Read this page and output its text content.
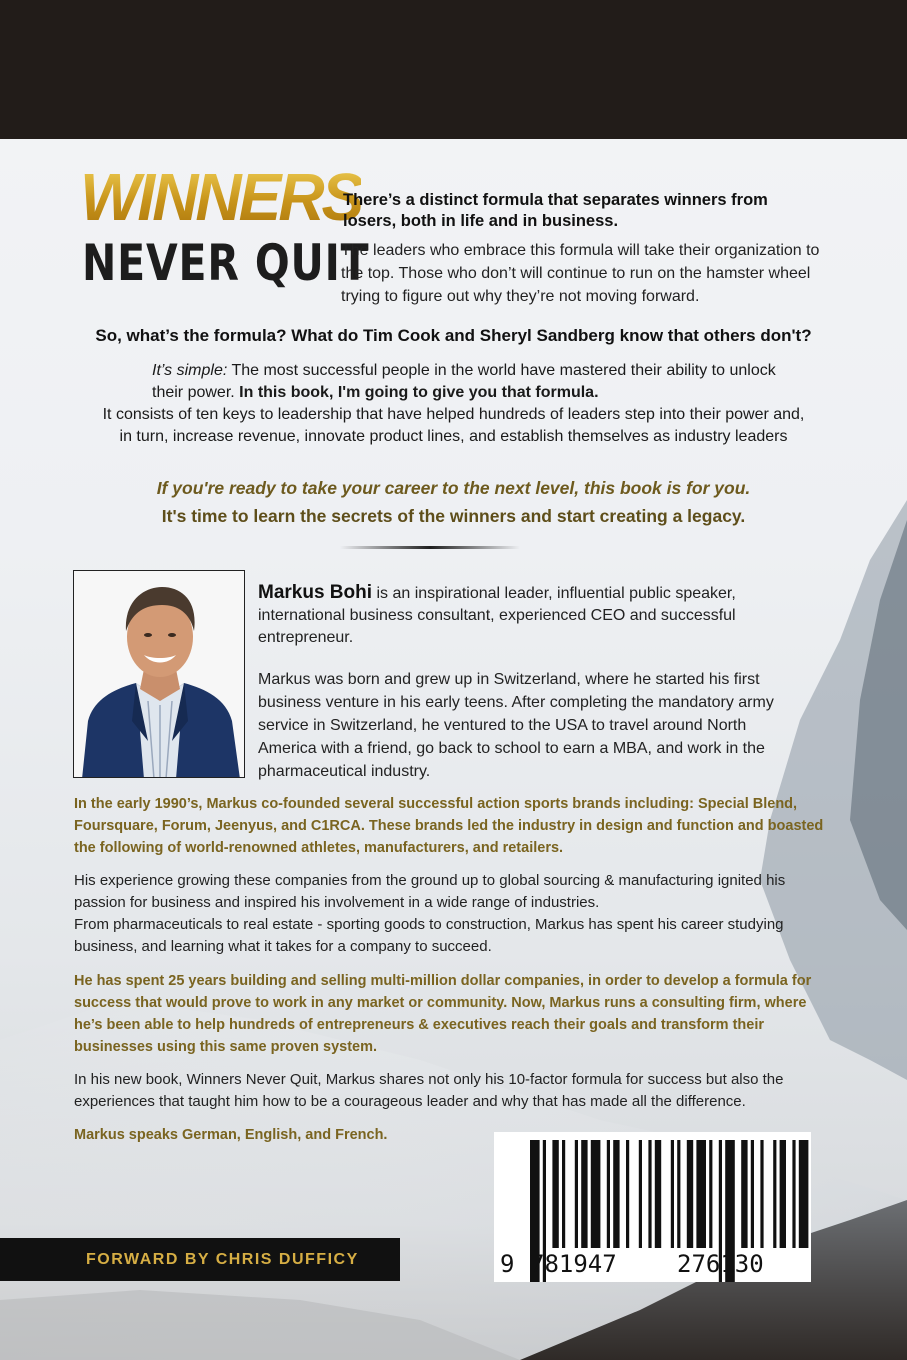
WINNERS
NEVER QUIT
There’s a distinct formula that separates winners from losers, both in life and in business.
The leaders who embrace this formula will take their organization to the top. Those who don’t will continue to run on the hamster wheel trying to figure out why they’re not moving forward.
So, what’s the formula? What do Tim Cook and Sheryl Sandberg know that others don't?
It’s simple: The most successful people in the world have mastered their ability to unlock
their power. In this book, I'm going to give you that formula.
It consists of ten keys to leadership that have helped hundreds of leaders step into their power and,
in turn, increase revenue, innovate product lines, and establish themselves as industry leaders
If you're ready to take your career to the next level, this book is for you.
It's time to learn the secrets of the winners and start creating a legacy.
Markus Bohi is an inspirational leader, influential public speaker, international business consultant, experienced CEO and successful entrepreneur.
Markus was born and grew up in Switzerland, where he started his first business venture in his early teens. After completing the mandatory army service in Switzerland, he ventured to the USA to travel around North America with a friend, go back to school to earn a MBA, and work in the pharmaceutical industry.
In the early 1990’s, Markus co-founded several successful action sports brands including: Special Blend, Foursquare, Forum, Jeenyus, and C1RCA. These brands led the industry in design and function and boasted the following of world-renowned athletes, manufacturers, and retailers.
His experience growing these companies from the ground up to global sourcing & manufacturing ignited his passion for business and inspired his involvement in a wide range of industries.
From pharmaceuticals to real estate - sporting goods to construction, Markus has spent his career studying business, and learning what it takes for a company to succeed.
He has spent 25 years building and selling multi-million dollar companies, in order to develop a formula for success that would prove to work in any market or community. Now, Markus runs a consulting firm, where he’s been able to help hundreds of entrepreneurs & executives reach their goals and transform their businesses using this same proven system.
In his new book, Winners Never Quit, Markus shares not only his 10-factor formula for success but also the experiences that taught him how to be a courageous leader and why that has made all the difference.
Markus speaks German, English, and French.
FORWARD BY CHRIS DUFFICY	9 781947	276130
